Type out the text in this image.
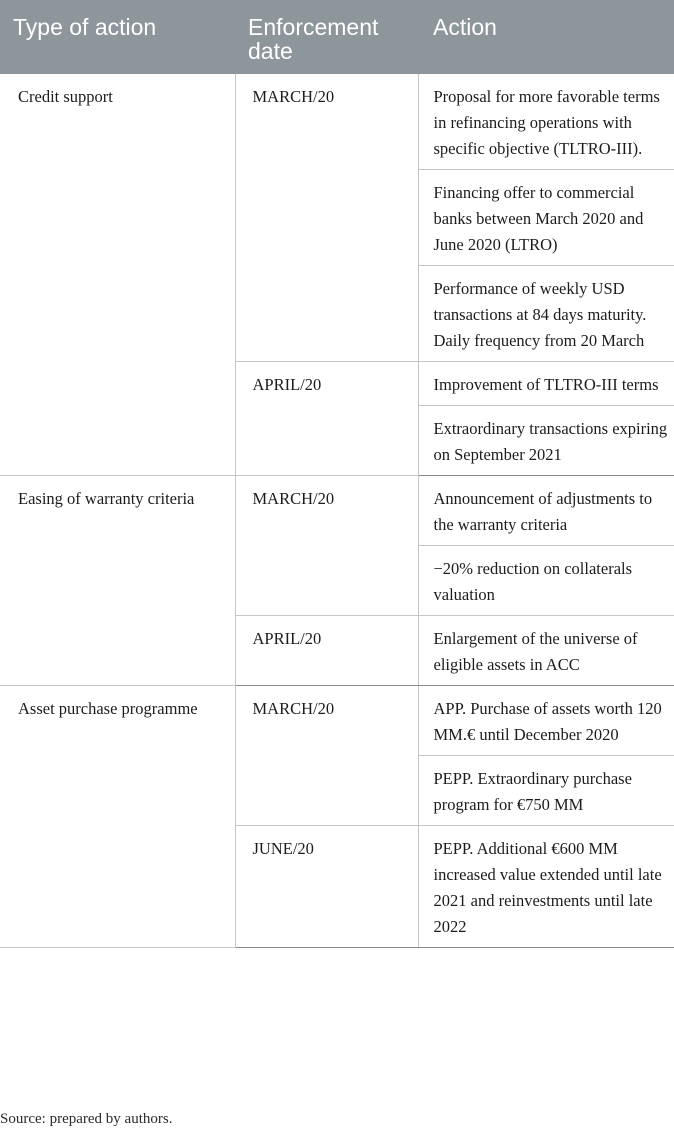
Type of action	Enforcement date	Action
Credit support	MARCH/20	Proposal for more favorable terms in refinancing operations with specific objective (TLTRO-III).
		Financing offer to commercial banks between March 2020 and June 2020 (LTRO)
		Performance of weekly USD transactions at 84 days maturity. Daily frequency from 20 March
	APRIL/20	Improvement of TLTRO-III terms
		Extraordinary transactions expiring on September 2021
Easing of warranty criteria	MARCH/20	Announcement of adjustments to the warranty criteria
		−20% reduction on collaterals valuation
	APRIL/20	Enlargement of the universe of eligible assets in ACC
Asset purchase programme	MARCH/20	APP. Purchase of assets worth 120 MM.€ until December 2020
		PEPP. Extraordinary purchase program for €750 MM
	JUNE/20	PEPP. Additional €600 MM increased value extended until late 2021 and reinvestments until late 2022
Source: prepared by authors.
